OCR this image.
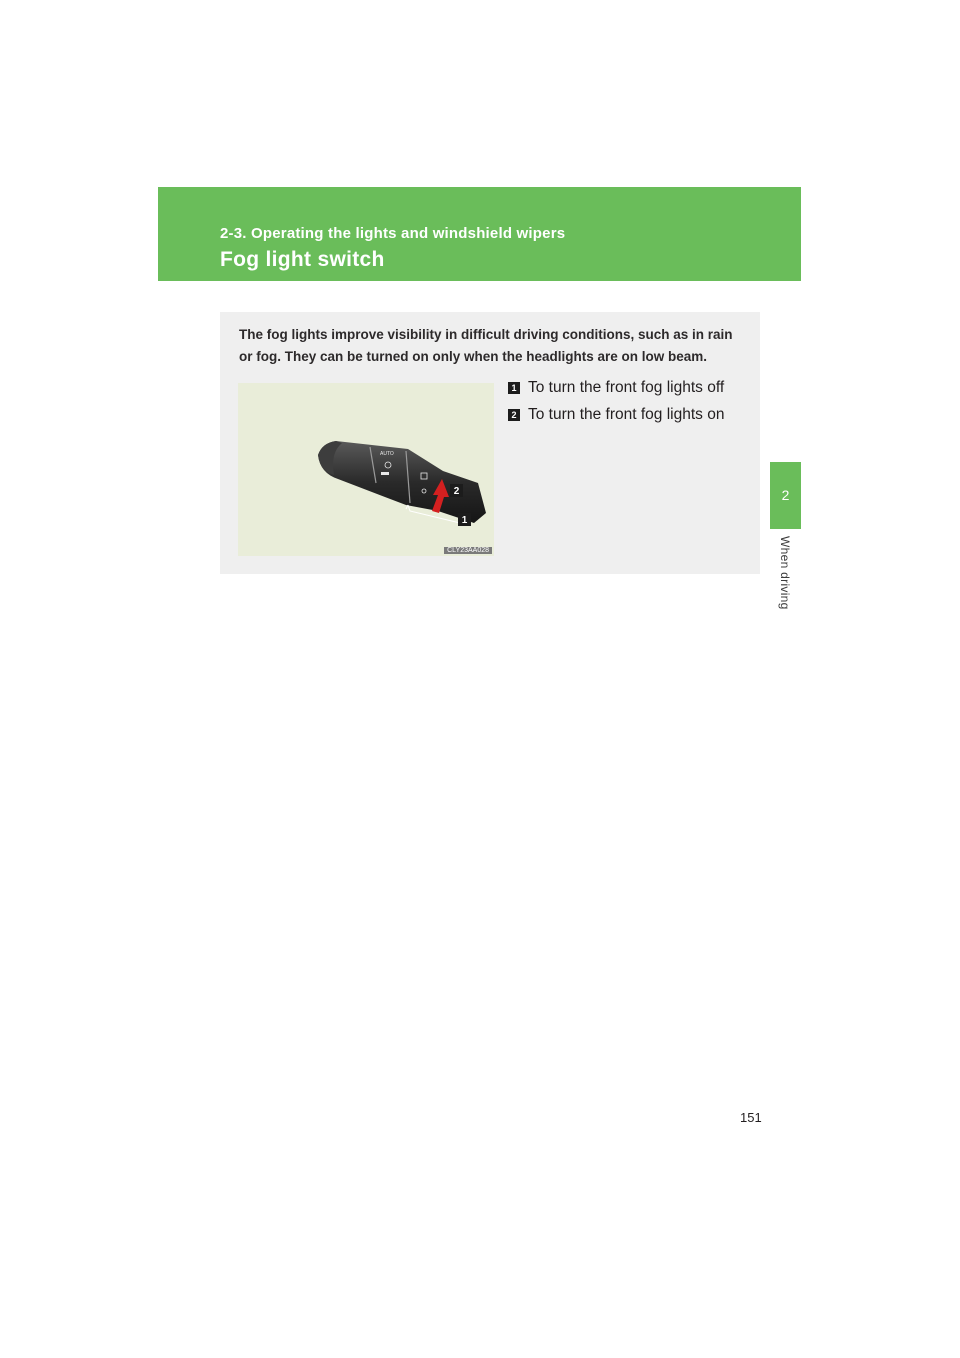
2-3. Operating the lights and windshield wipers
Fog light switch
2
When driving
The fog lights improve visibility in difficult driving conditions, such as in rain or fog. They can be turned on only when the headlights are on low beam.
AUTO
2
1
CLY23AA028
1 To turn the front fog lights off
2 To turn the front fog lights on
151
